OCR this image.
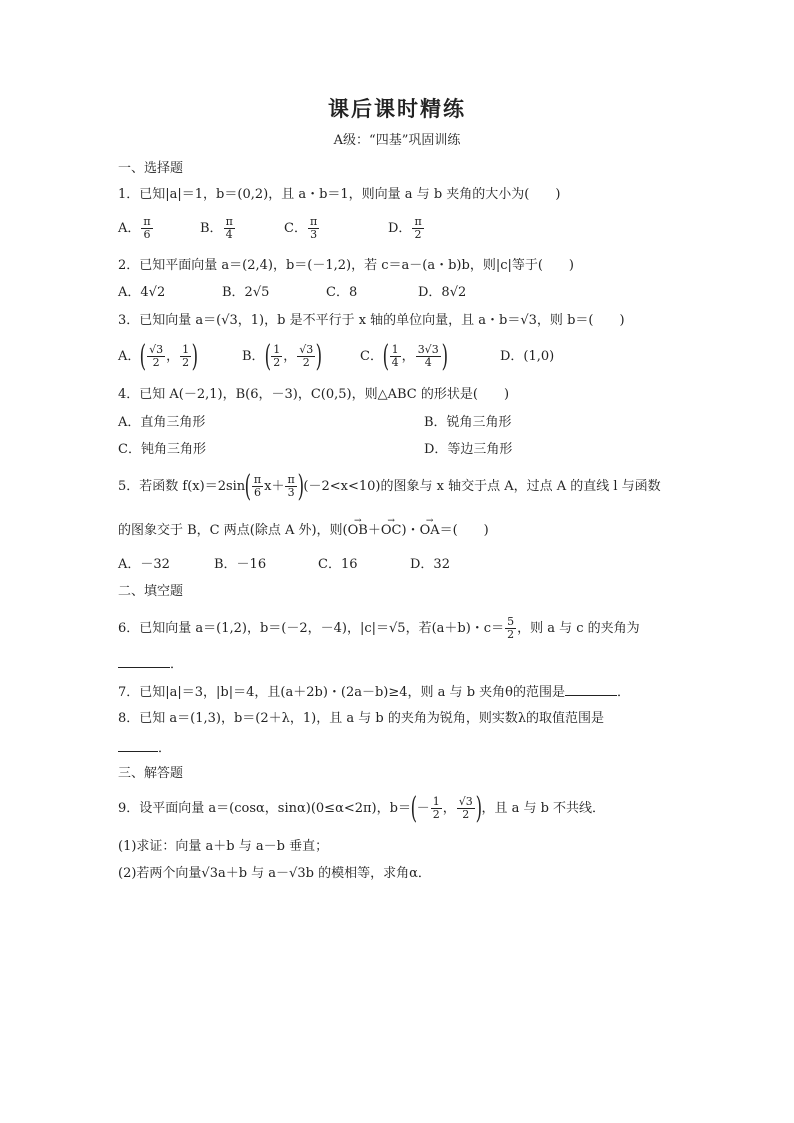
课后课时精练
A级：“四基”巩固训练
一、选择题
1．已知|a|＝1，b＝(0,2)，且 a・b＝1，则向量 a 与 b 夹角的大小为(　　)
A． $\frac{\pi}{6}$	B． $\frac{\pi}{4}$	C． $\frac{\pi}{3}$	D． $\frac{\pi}{2}$
2．已知平面向量 a＝(2,4)，b＝(－1,2)，若 c＝a－(a・b)b，则|c|等于(　　)
A．4√2	B．2√5	C．8	D．8√2
3．已知向量 a＝(√3，1)，b 是不平行于 x 轴的单位向量，且 a・b＝√3，则 b＝(　　)
A．( $\frac{√3}{2}$ ， $\frac{1}{2}$ )	B．( $\frac{1}{2}$ ， $\frac{√3}{2}$ )	C．( $\frac{1}{4}$ ， $\frac{3√3}{4}$ )	D．(1,0)
4．已知 A(－2,1)，B(6，－3)，C(0,5)，则△ABC 的形状是(　　)
A．直角三角形	B．锐角三角形
C．钝角三角形	D．等边三角形
5．若函数 $f(x)=2\sin( \frac{\pi}{6} x+ \frac{\pi}{3} )(-2<x<10)$的图象与 x 轴交于点 A，过点 A 的直线 l 与函数
的图象交于 B，C 两点(除点 A 外)，则(→ OB＋→ OC)・→ OA＝(　　)
A．－32	B．－16	C．16	D．32
二、填空题
6．已知向量 a＝(1,2)，b＝(－2，－4)，|c|＝√5，若(a＋b)・$c= \frac{5}{2}$ ，则 a 与 c 的夹角为
．
7．已知|a|＝3，|b|＝4，且(a＋2b)・(2a－b)≥4，则 a 与 b 夹角θ的范围是	．
8．已知 a＝(1,3)，b＝(2＋λ，1)，且 a 与 b 的夹角为锐角，则实数λ的取值范围是
．
三、解答题
9．设平面向量 a＝(cosα，sinα)(0≤α<2π)，$b=(- \frac{1}{2}$ ， $\frac{√3}{2}$ )，且 a 与 b 不共线．
(1)求证：向量 a＋b 与 a－b 垂直；
(2)若两个向量√3a＋b 与 a－√3b 的模相等，求角α．
